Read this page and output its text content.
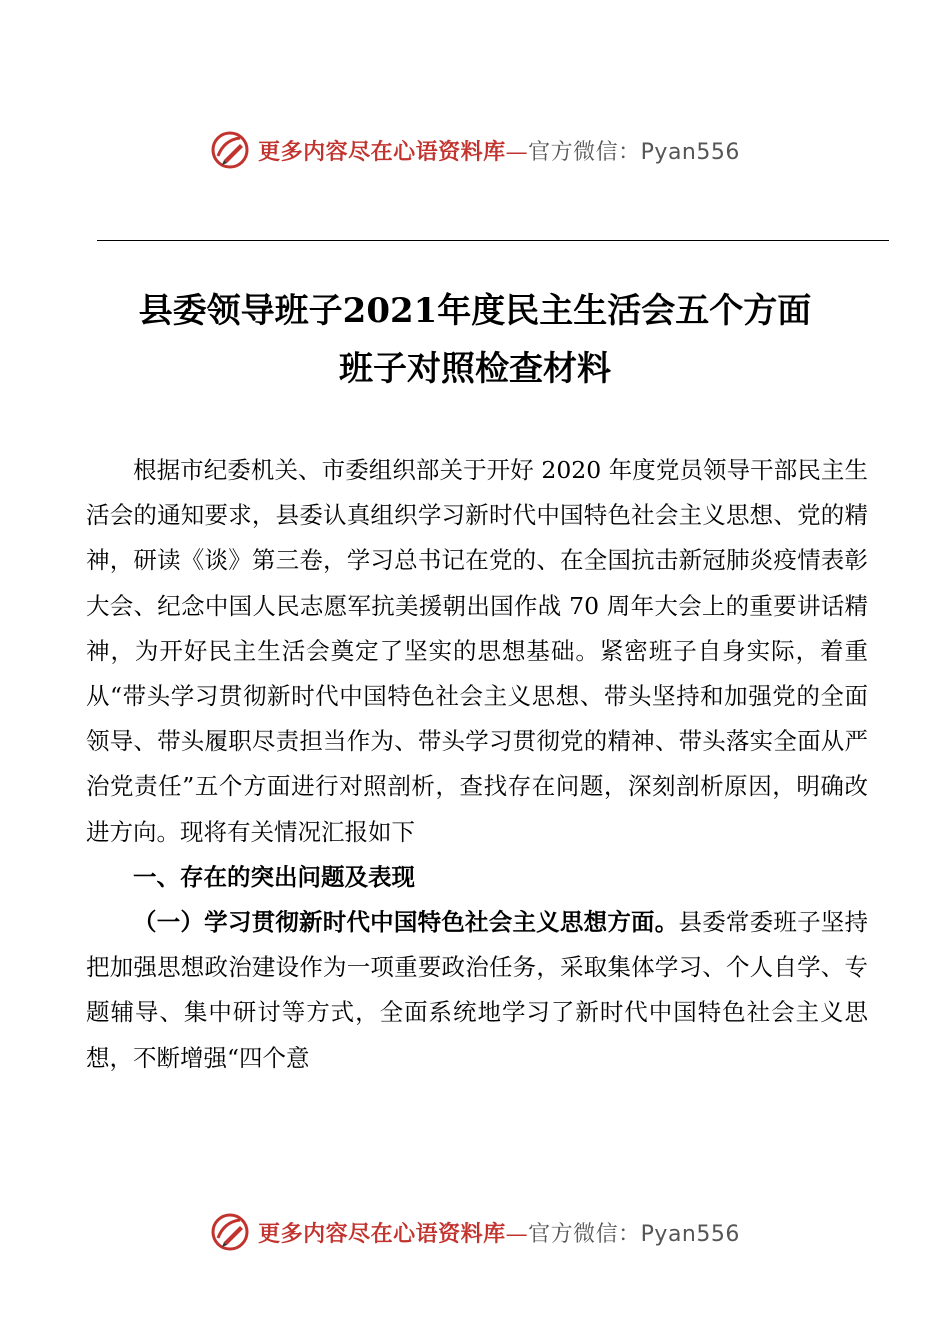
更多内容尽在心语资料库—官方微信：Pyan556
县委领导班子2021年度民主生活会五个方面
班子对照检查材料

根据市纪委机关、市委组织部关于开好 2020 年度党员领导干部民主生活会的通知要求，县委认真组织学习新时代中国特色社会主义思想、党的精神，研读《谈》第三卷，学习总书记在党的、在全国抗击新冠肺炎疫情表彰大会、纪念中国人民志愿军抗美援朝出国作战 70 周年大会上的重要讲话精神，为开好民主生活会奠定了坚实的思想基础。紧密班子自身实际，着重从“带头学习贯彻新时代中国特色社会主义思想、带头坚持和加强党的全面领导、带头履职尽责担当作为、带头学习贯彻党的精神、带头落实全面从严治党责任”五个方面进行对照剖析，查找存在问题，深刻剖析原因，明确改进方向。现将有关情况汇报如下

一、存在的突出问题及表现

（一）学习贯彻新时代中国特色社会主义思想方面。县委常委班子坚持把加强思想政治建设作为一项重要政治任务，采取集体学习、个人自学、专题辅导、集中研讨等方式，全面系统地学习了新时代中国特色社会主义思想，不断增强“四个意

更多内容尽在心语资料库—官方微信：Pyan556
